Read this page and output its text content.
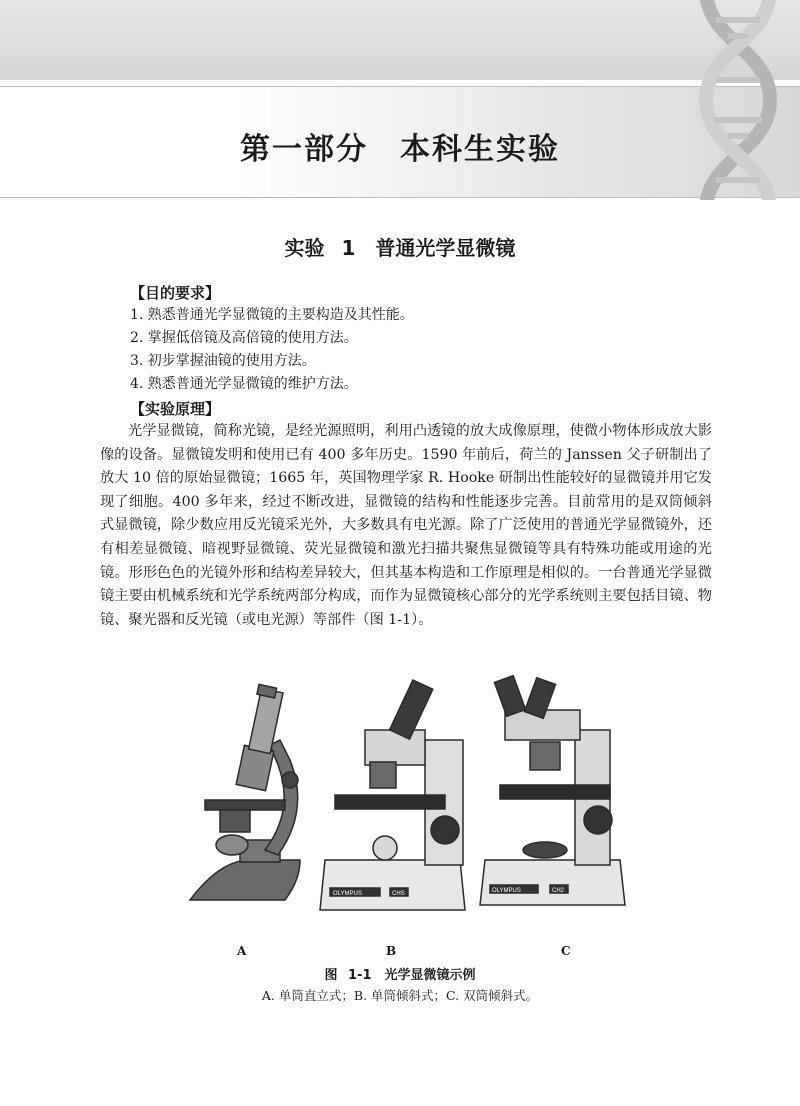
第一部分　本科生实验
实验 1　普通光学显微镜
【目的要求】
1. 熟悉普通光学显微镜的主要构造及其性能。
2. 掌握低倍镜及高倍镜的使用方法。
3. 初步掌握油镜的使用方法。
4. 熟悉普通光学显微镜的维护方法。
【实验原理】

光学显微镜，简称光镜，是经光源照明，利用凸透镜的放大成像原理，使微小物体形成放大影像的设备。显微镜发明和使用已有 400 多年历史。1590 年前后，荷兰的 Janssen 父子研制出了放大 10 倍的原始显微镜；1665 年，英国物理学家 R. Hooke 研制出性能较好的显微镜并用它发现了细胞。400 多年来，经过不断改进，显微镜的结构和性能逐步完善。目前常用的是双筒倾斜式显微镜，除少数应用反光镜采光外，大多数具有电光源。除了广泛使用的普通光学显微镜外，还有相差显微镜、暗视野显微镜、荧光显微镜和激光扫描共聚焦显微镜等具有特殊功能或用途的光镜。形形色色的光镜外形和结构差异较大，但其基本构造和工作原理是相似的。一台普通光学显微镜主要由机械系统和光学系统两部分构成，而作为显微镜核心部分的光学系统则主要包括目镜、物镜、聚光器和反光镜（或电光源）等部件（图 1-1）。

OLYMPUS	CHS	OLYMPUS	CH2
A	B	C
图 1-1　光学显微镜示例
A. 单筒直立式；B. 单筒倾斜式；C. 双筒倾斜式。
